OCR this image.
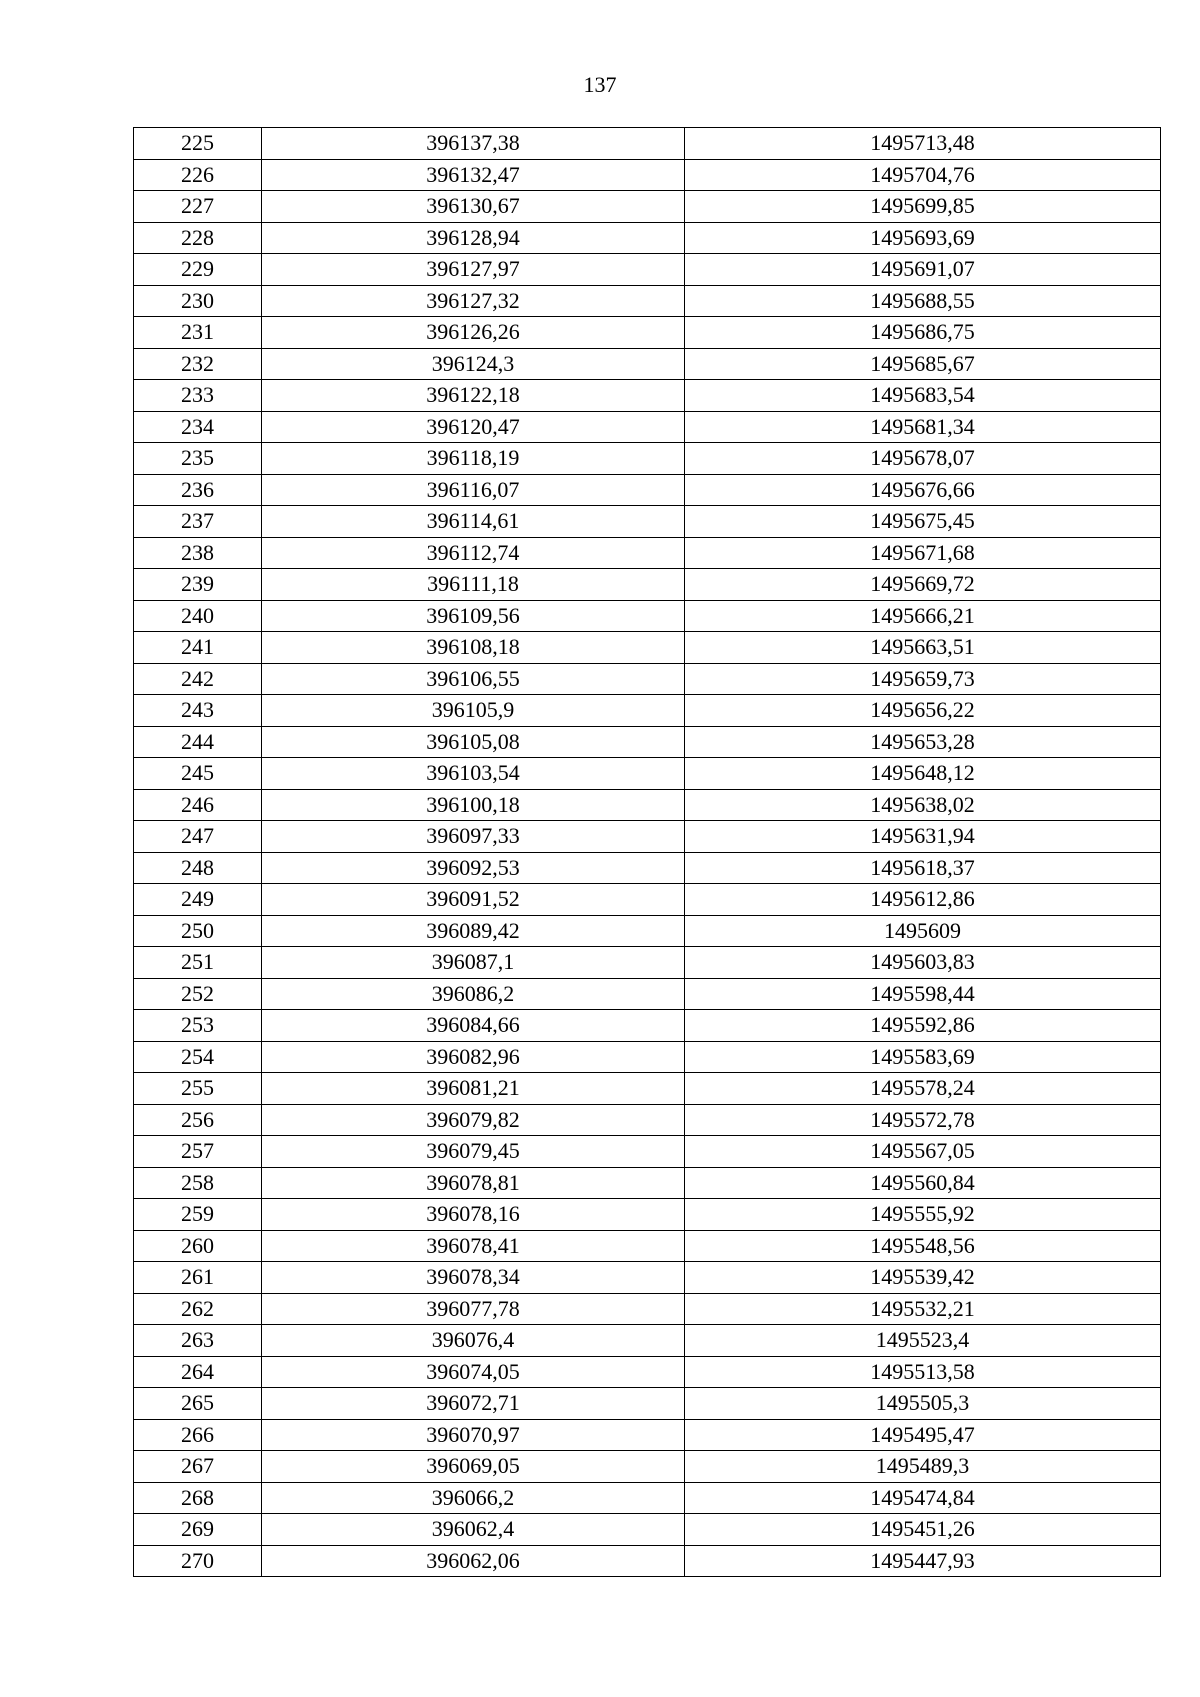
137
225	396137,38	1495713,48
226	396132,47	1495704,76
227	396130,67	1495699,85
228	396128,94	1495693,69
229	396127,97	1495691,07
230	396127,32	1495688,55
231	396126,26	1495686,75
232	396124,3	1495685,67
233	396122,18	1495683,54
234	396120,47	1495681,34
235	396118,19	1495678,07
236	396116,07	1495676,66
237	396114,61	1495675,45
238	396112,74	1495671,68
239	396111,18	1495669,72
240	396109,56	1495666,21
241	396108,18	1495663,51
242	396106,55	1495659,73
243	396105,9	1495656,22
244	396105,08	1495653,28
245	396103,54	1495648,12
246	396100,18	1495638,02
247	396097,33	1495631,94
248	396092,53	1495618,37
249	396091,52	1495612,86
250	396089,42	1495609
251	396087,1	1495603,83
252	396086,2	1495598,44
253	396084,66	1495592,86
254	396082,96	1495583,69
255	396081,21	1495578,24
256	396079,82	1495572,78
257	396079,45	1495567,05
258	396078,81	1495560,84
259	396078,16	1495555,92
260	396078,41	1495548,56
261	396078,34	1495539,42
262	396077,78	1495532,21
263	396076,4	1495523,4
264	396074,05	1495513,58
265	396072,71	1495505,3
266	396070,97	1495495,47
267	396069,05	1495489,3
268	396066,2	1495474,84
269	396062,4	1495451,26
270	396062,06	1495447,93
